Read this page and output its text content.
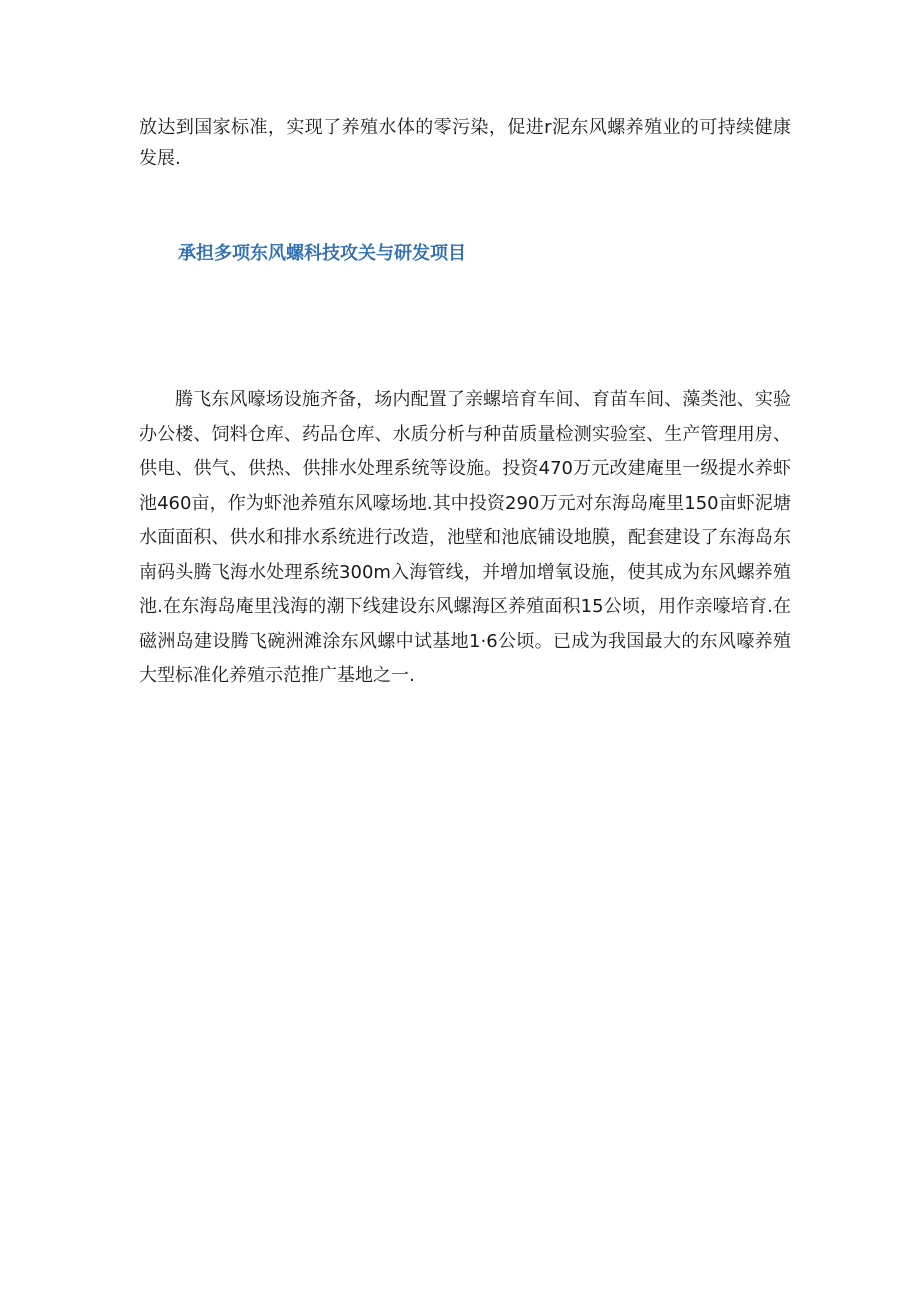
放达到国家标准，实现了养殖水体的零污染，促进r泥东风螺养殖业的可持续健康发展.

承担多项东风螺科技攻关与研发项目

腾飞东风嚎场设施齐备，场内配置了亲螺培育车间、育苗车间、藻类池、实验办公楼、饲料仓库、药品仓库、水质分析与种苗质量检测实验室、生产管理用房、供电、供气、供热、供排水处理系统等设施。投资470万元改建庵里一级提水养虾池460亩，作为虾池养殖东风嚎场地.其中投资290万元对东海岛庵里150亩虾泥塘水面面积、供水和排水系统进行改造，池壁和池底铺设地膜，配套建设了东海岛东南码头腾飞海水处理系统300m入海管线，并增加增氧设施，使其成为东风螺养殖池.在东海岛庵里浅海的潮下线建设东风螺海区养殖面积15公顷，用作亲嚎培育.在磁洲岛建设腾飞碗洲滩涂东风螺中试基地1·6公顷。已成为我国最大的东风嚎养殖大型标准化养殖示范推广基地之一.
